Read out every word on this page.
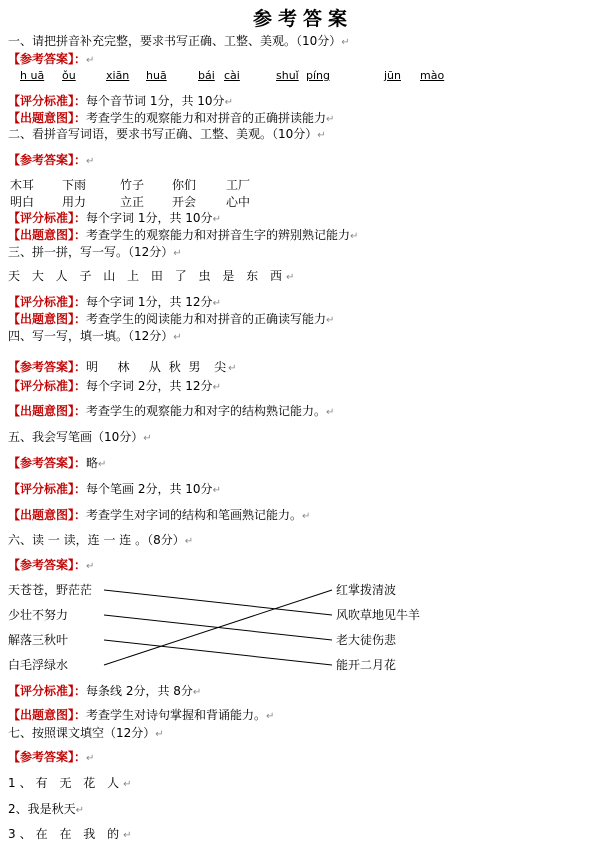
参考答案
一、请把拼音补充完整，要求书写正确、工整、美观。（10分）↵
【参考答案】：↵
h uā ǒu	xiān huā	bái cài	shuǐ píng	jūn mào
【评分标准】：每个音节词 1分，共 10分↵
【出题意图】：考查学生的观察能力和对拼音的正确拼读能力↵
二、看拼音写词语，要求书写正确、工整、美观。（10分）↵
【参考答案】：↵
木耳 下雨	竹子 你们 工厂
明白 用力	立正 开会 心中
【评分标准】：每个字词 1分，共 10分↵
【出题意图】：考查学生的观察能力和对拼音生字的辨别熟记能力↵
三、拼一拼，写一写。（12分）↵
天 大 人 子 山 上 田 了 虫 是 东 西↵
【评分标准】：每个字词 1分，共 12分↵
【出题意图】：考查学生的阅读能力和对拼音的正确读写能力↵
四、写一写，填一填。（12分）↵
【参考答案】：明   林   从 秋 男  尖↵
【评分标准】：每个字词 2分，共 12分↵
【出题意图】：考查学生的观察能力和对字的结构熟记能力。↵
五、我会写笔画（10分）↵
【参考答案】：略↵
【评分标准】：每个笔画 2分，共 10分↵
【出题意图】：考查学生对字词的结构和笔画熟记能力。↵
六、读 一 读，连 一 连 。（8分）↵
【参考答案】：↵
天苍苍，野茫茫
少壮不努力
解落三秋叶
白毛浮绿水
红掌拨清波
风吹草地见牛羊
老大徒伤悲
能开二月花
【评分标准】：每条线 2分，共 8分↵
【出题意图】：考查学生对诗句掌握和背诵能力。↵
七、按照课文填空（12分）↵
【参考答案】：↵
1、有 无 花 人↵
2、我是秋天↵
3、在 在 我 的↵
